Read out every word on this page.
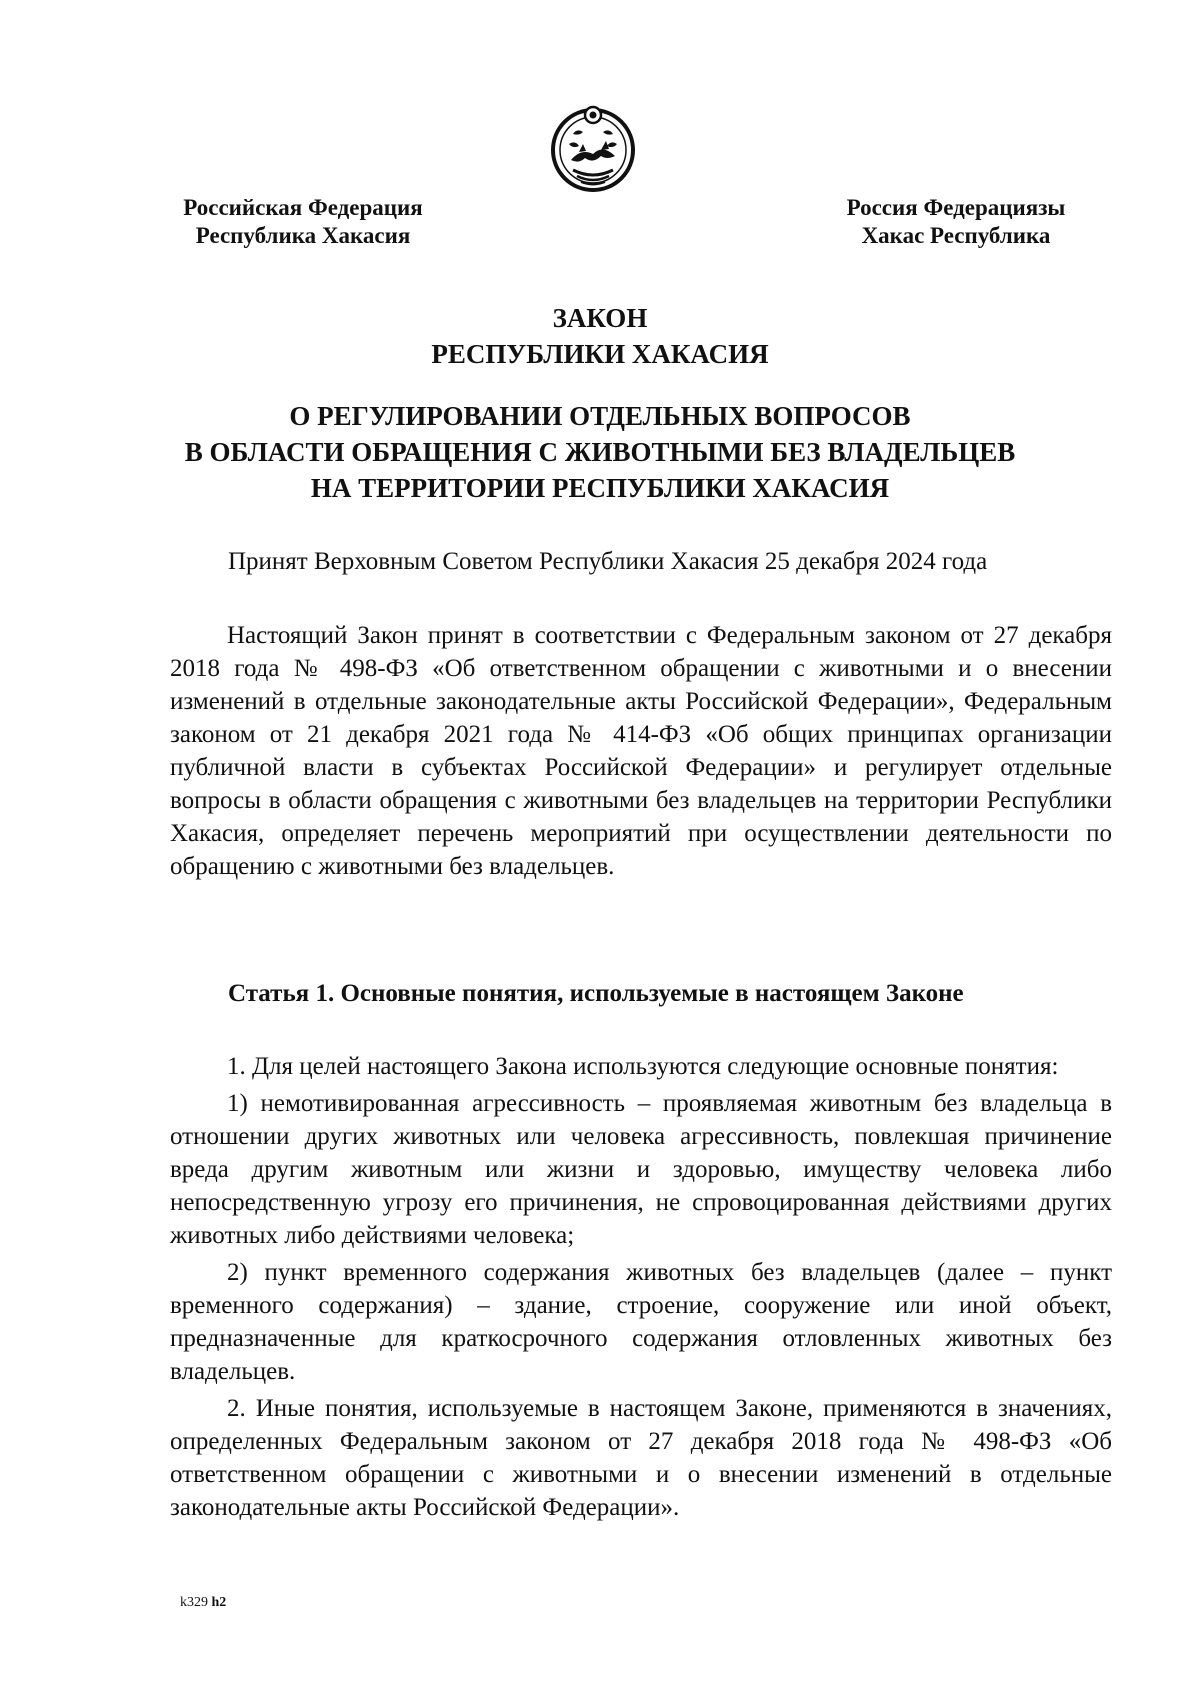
Российская Федерация
Республика Хакасия
Россия Федерациязы
Хакас Республика
ЗАКОН
РЕСПУБЛИКИ ХАКАСИЯ
О РЕГУЛИРОВАНИИ ОТДЕЛЬНЫХ ВОПРОСОВ
В ОБЛАСТИ ОБРАЩЕНИЯ С ЖИВОТНЫМИ БЕЗ ВЛАДЕЛЬЦЕВ
НА ТЕРРИТОРИИ РЕСПУБЛИКИ ХАКАСИЯ
Принят Верховным Советом Республики Хакасия 25 декабря 2024 года

Настоящий Закон принят в соответствии с Федеральным законом от 27 декабря 2018 года № 498-ФЗ «Об ответственном обращении с животными и о внесении изменений в отдельные законодательные акты Российской Федерации», Федеральным законом от 21 декабря 2021 года № 414-ФЗ «Об общих принципах организации публичной власти в субъектах Российской Федерации» и регулирует отдельные вопросы в области обращения с животными без владельцев на территории Республики Хакасия, определяет перечень мероприятий при осуществлении деятельности по обращению с животными без владельцев.

Статья 1. Основные понятия, используемые в настоящем Законе

1. Для целей настоящего Закона используются следующие основные понятия:

1) немотивированная агрессивность – проявляемая животным без владельца в отношении других животных или человека агрессивность, повлекшая причинение вреда другим животным или жизни и здоровью, имуществу человека либо непосредственную угрозу его причинения, не спровоцированная действиями других животных либо действиями человека;

2) пункт временного содержания животных без владельцев (далее – пункт временного содержания) – здание, строение, сооружение или иной объект, предназначенные для краткосрочного содержания отловленных животных без владельцев.

2. Иные понятия, используемые в настоящем Законе, применяются в значениях, определенных Федеральным законом от 27 декабря 2018 года № 498-ФЗ «Об ответственном обращении с животными и о внесении изменений в отдельные законодательные акты Российской Федерации».

k329 h2
